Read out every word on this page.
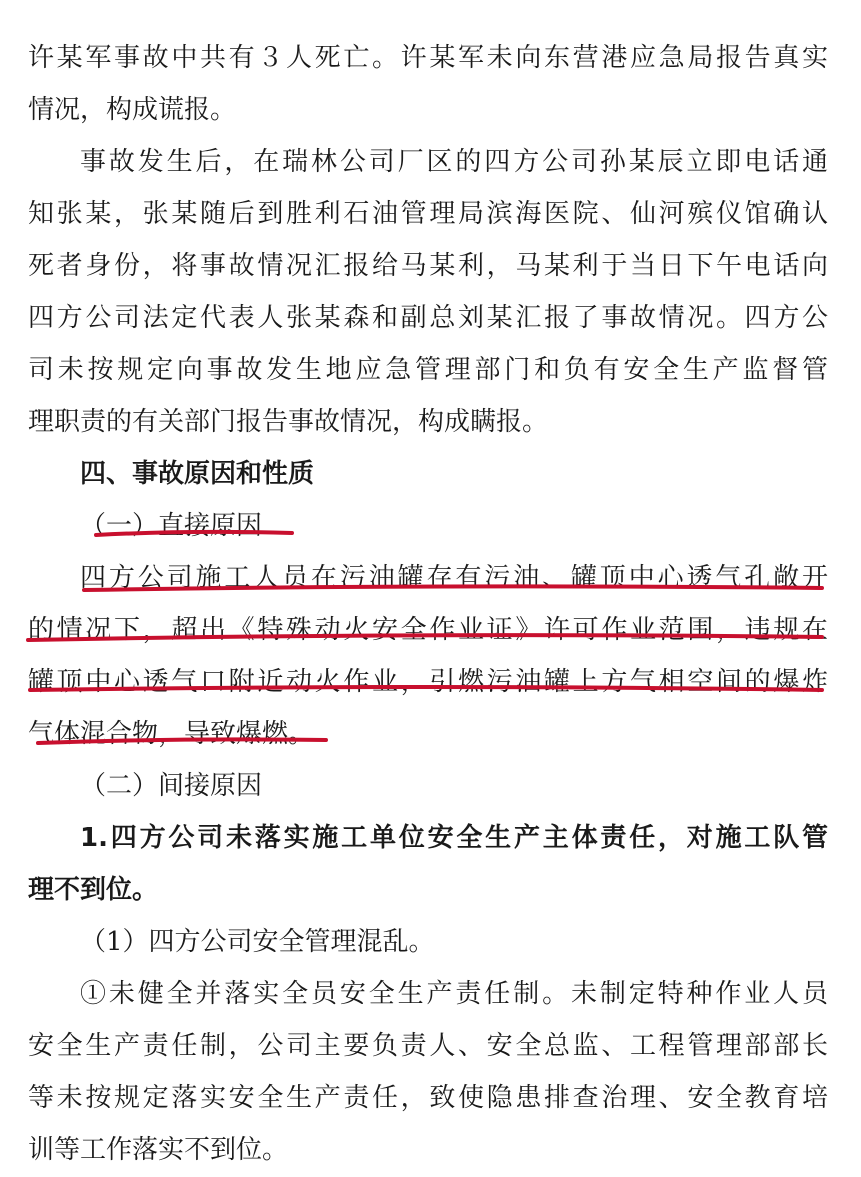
许某军事故中共有３人死亡。许某军未向东营港应急局报告真实
情况，构成谎报。
事故发生后，在瑞林公司厂区的四方公司孙某辰立即电话通
知张某，张某随后到胜利石油管理局滨海医院、仙河殡仪馆确认
死者身份，将事故情况汇报给马某利，马某利于当日下午电话向
四方公司法定代表人张某森和副总刘某汇报了事故情况。四方公
司未按规定向事故发生地应急管理部门和负有安全生产监督管
理职责的有关部门报告事故情况，构成瞒报。
四、事故原因和性质
（一）直接原因
四方公司施工人员在污油罐存有污油、罐顶中心透气孔敞开
的情况下，超出《特殊动火安全作业证》许可作业范围，违规在
罐顶中心透气口附近动火作业，引燃污油罐上方气相空间的爆炸
气体混合物，导致爆燃。
（二）间接原因
1.四方公司未落实施工单位安全生产主体责任，对施工队管
理不到位。
（1）四方公司安全管理混乱。
①未健全并落实全员安全生产责任制。未制定特种作业人员
安全生产责任制，公司主要负责人、安全总监、工程管理部部长
等未按规定落实安全生产责任，致使隐患排查治理、安全教育培
训等工作落实不到位。
